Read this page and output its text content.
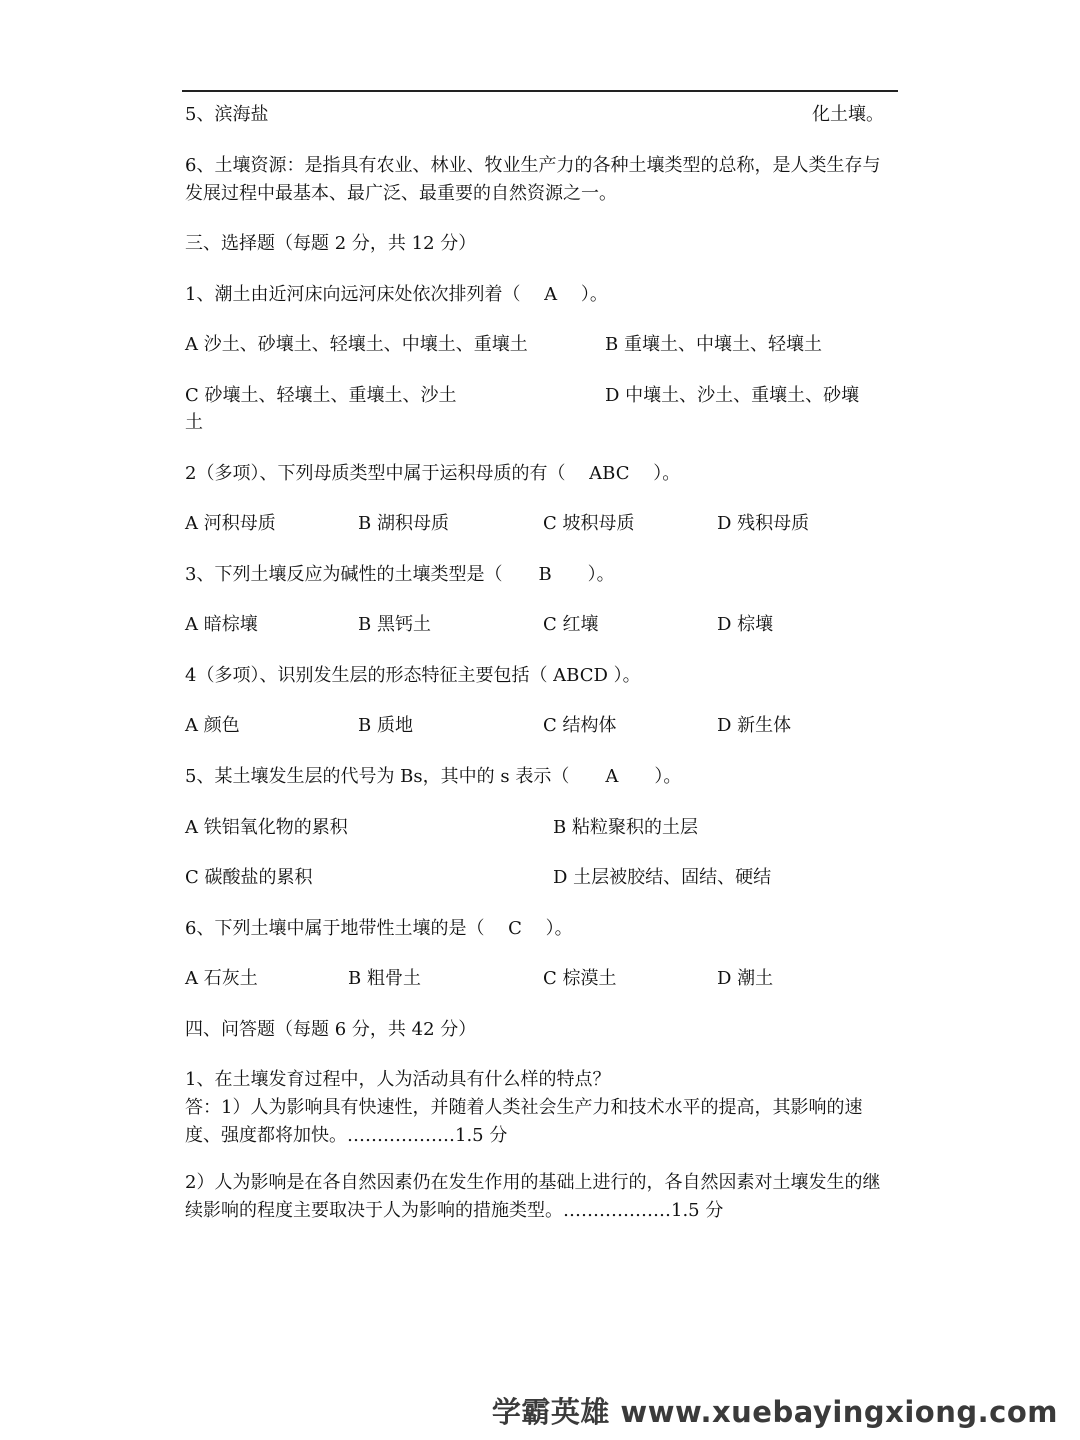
5、滨海盐	化土壤。
6、土壤资源：是指具有农业、林业、牧业生产力的各种土壤类型的总称，是人类生存与发展过程中最基本、最广泛、最重要的自然资源之一。
三、选择题（每题 2 分，共 12 分）
1、潮土由近河床向远河床处依次排列着（　 A　 ）。
A 沙土、砂壤土、轻壤土、中壤土、重壤土	B 重壤土、中壤土、轻壤土
C 砂壤土、轻壤土、重壤土、沙土	D 中壤土、沙土、重壤土、砂壤
土
2（多项）、下列母质类型中属于运积母质的有（　 ABC　 ）。
A 河积母质	B 湖积母质	C 坡积母质	D 残积母质
3、下列土壤反应为碱性的土壤类型是（　　B　　）。
A 暗棕壤	B 黑钙土	C 红壤	D 棕壤
4（多项）、识别发生层的形态特征主要包括（ ABCD ）。
A 颜色	B 质地	C 结构体	D 新生体
5、某土壤发生层的代号为 Bs，其中的 s 表示（　　A　　）。
A 铁铝氧化物的累积	B 粘粒聚积的土层
C 碳酸盐的累积	D 土层被胶结、固结、硬结
6、下列土壤中属于地带性土壤的是（　 C　 ）。
A 石灰土	B 粗骨土	C 棕漠土	D 潮土
四、问答题（每题 6 分，共 42 分）
1、在土壤发育过程中，人为活动具有什么样的特点？
答：1）人为影响具有快速性，并随着人类社会生产力和技术水平的提高，其影响的速度、强度都将加快。………………1.5 分
2）人为影响是在各自然因素仍在发生作用的基础上进行的，各自然因素对土壤发生的继续影响的程度主要取决于人为影响的措施类型。………………1.5 分
学霸英雄 www.xuebayingxiong.com
